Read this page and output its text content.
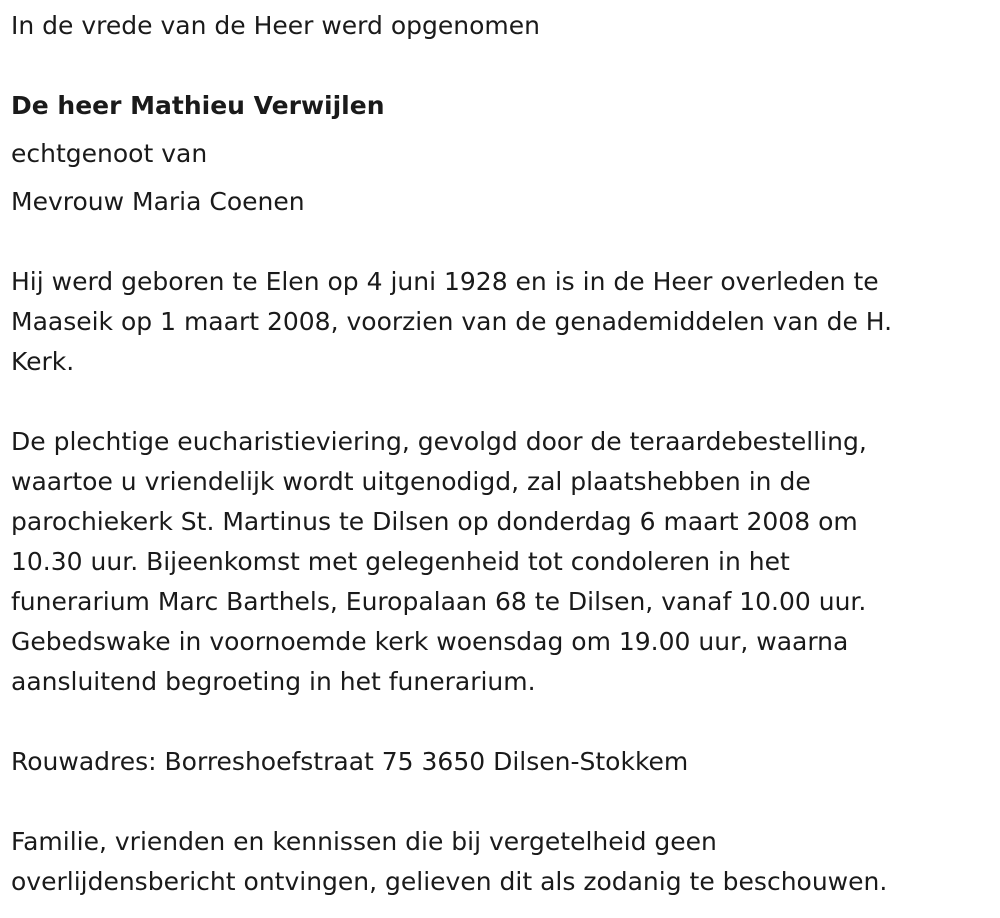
In de vrede van de Heer werd opgenomen

De heer Mathieu Verwijlen

echtgenoot van

Mevrouw Maria Coenen

Hij werd geboren te Elen op 4 juni 1928 en is in de Heer overleden te

Maaseik op 1 maart 2008, voorzien van de genademiddelen van de H.

Kerk.

De plechtige eucharistieviering, gevolgd door de teraardebestelling,

waartoe u vriendelijk wordt uitgenodigd, zal plaatshebben in de

parochiekerk St. Martinus te Dilsen op donderdag 6 maart 2008 om

10.30 uur. Bijeenkomst met gelegenheid tot condoleren in het

funerarium Marc Barthels, Europalaan 68 te Dilsen, vanaf 10.00 uur.

Gebedswake in voornoemde kerk woensdag om 19.00 uur, waarna

aansluitend begroeting in het funerarium.

Rouwadres: Borreshoefstraat 75 3650 Dilsen-Stokkem

Familie, vrienden en kennissen die bij vergetelheid geen

overlijdensbericht ontvingen, gelieven dit als zodanig te beschouwen.
